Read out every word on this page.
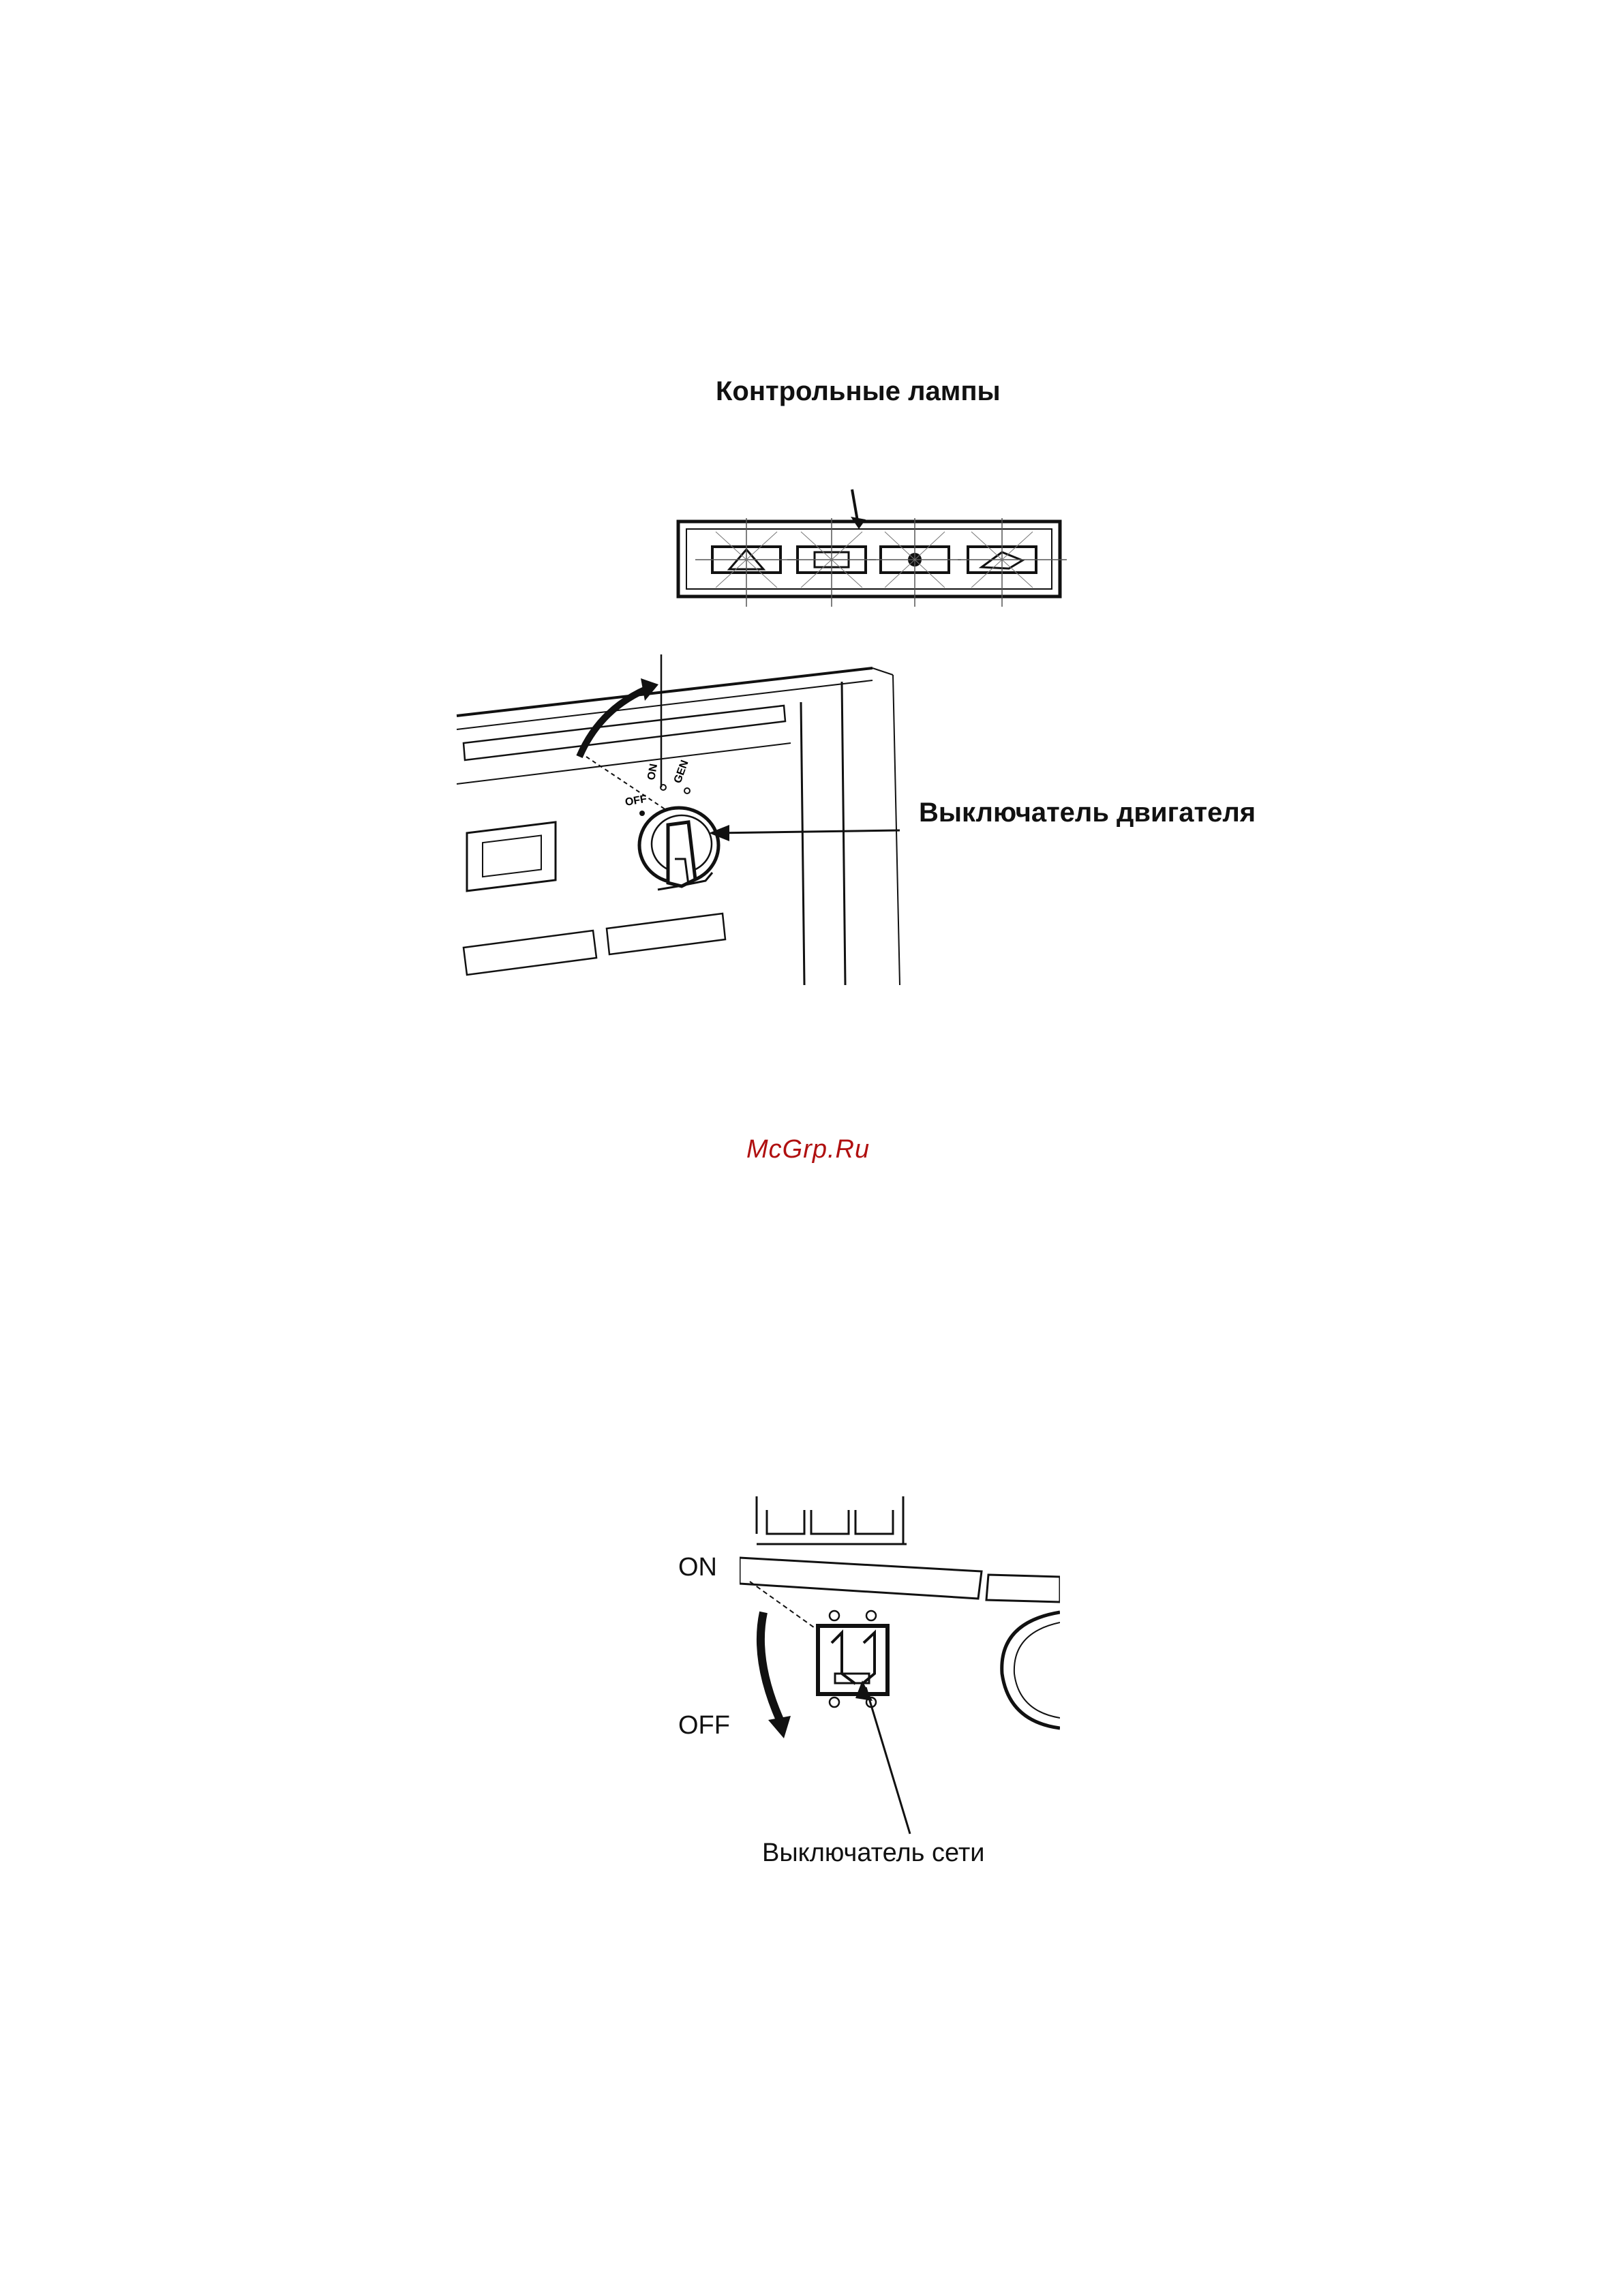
Контрольные лампы
OFF
ON GEN
Выключатель двигателя
McGrp.Ru
ON
OFF
Выключатель сети
